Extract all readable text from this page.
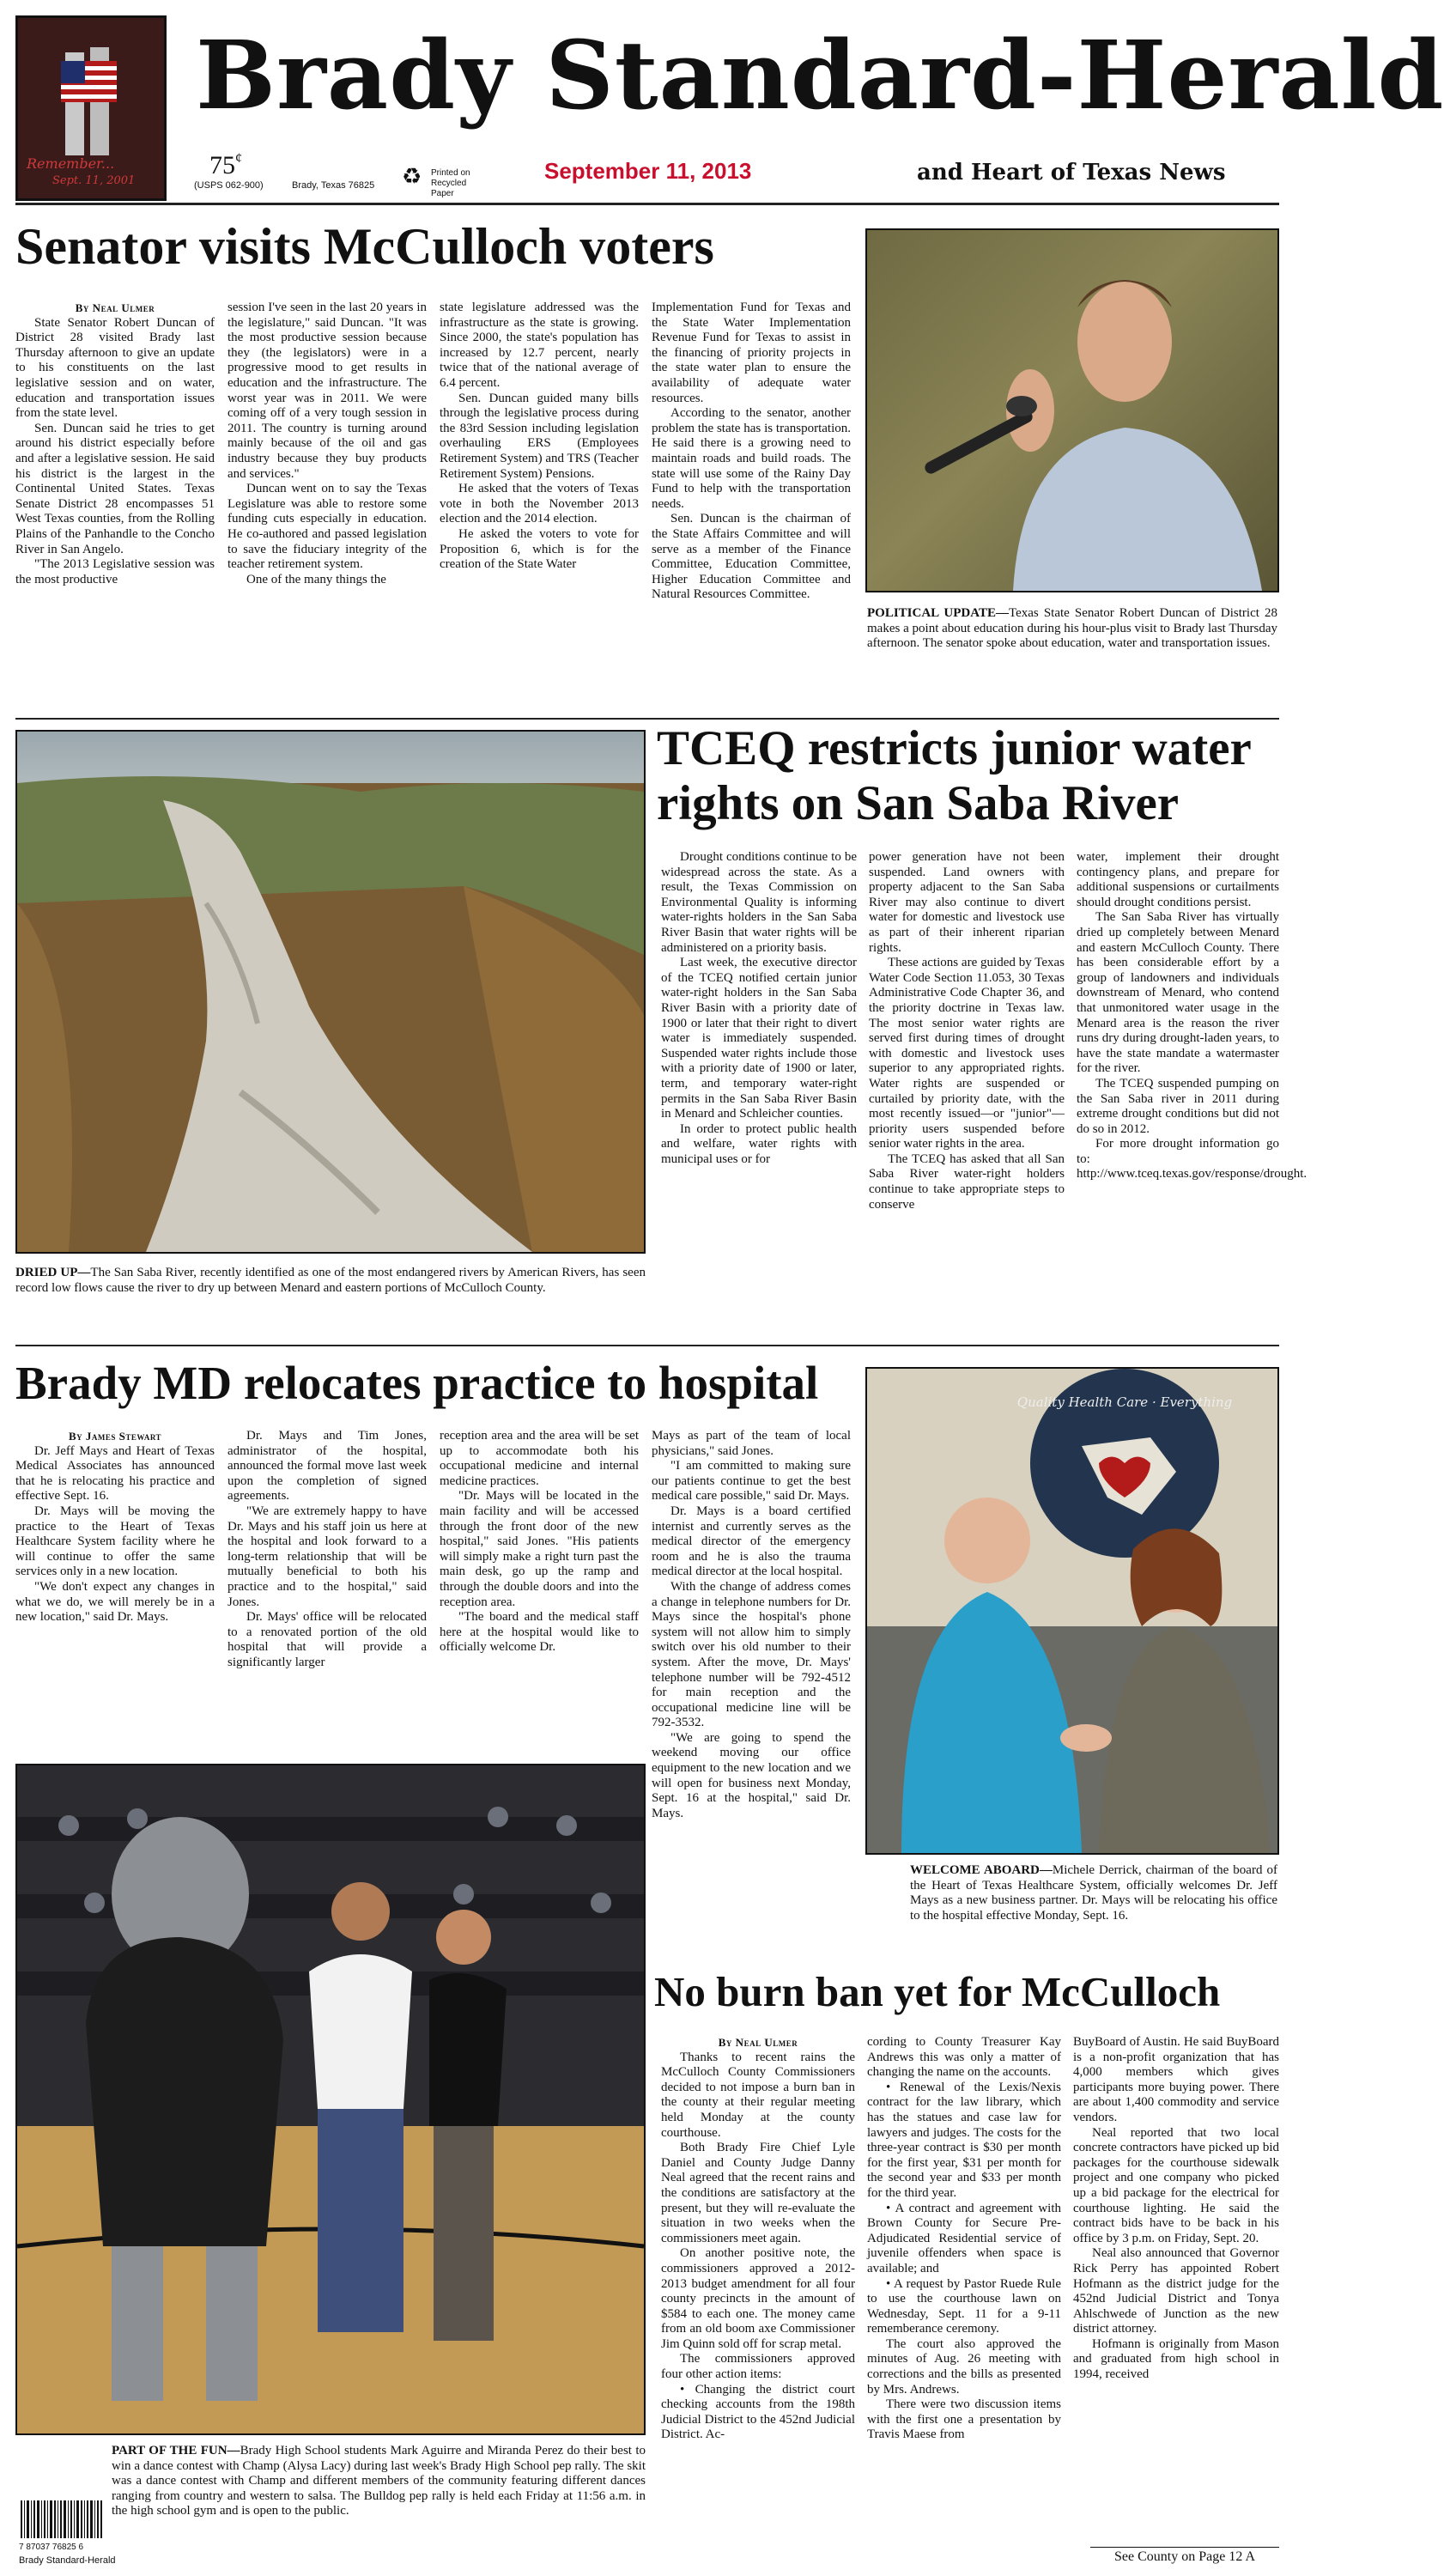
Remember...
Sept. 11, 2001
Brady Standard-Herald
75¢
(USPS 062-900)	Brady, Texas 76825 ♻	Printed on Recycled Paper
September 11, 2013	and Heart of Texas News
Senator visits McCulloch voters

By Neal Ulmer

State Senator Robert Duncan of District 28 visited Brady last Thursday afternoon to give an update to his constituents on the last legislative session and on water, education and transportation issues from the state level.

Sen. Duncan said he tries to get around his district especially before and after a legislative session. He said his district is the largest in the Continental United States. Texas Senate District 28 encompasses 51 West Texas counties, from the Rolling Plains of the Panhandle to the Concho River in San Angelo.

"The 2013 Legislative session was the most productive

session I've seen in the last 20 years in the legislature," said Duncan. "It was the most productive session because they (the legislators) were in a progressive mood to get results in education and the infrastructure. The worst year was in 2011. We were coming off of a very tough session in 2011. The country is turning around mainly because of the oil and gas industry because they buy products and services."

Duncan went on to say the Texas Legislature was able to restore some funding cuts especially in education. He co-authored and passed legislation to save the fiduciary integrity of the teacher retirement system.

One of the many things the

state legislature addressed was the infrastructure as the state is growing. Since 2000, the state's population has increased by 12.7 percent, nearly twice that of the national average of 6.4 percent.

Sen. Duncan guided many bills through the legislative process during the 83rd Session including legislation overhauling ERS (Employees Retirement System) and TRS (Teacher Retirement System) Pensions.

He asked that the voters of Texas vote in both the November 2013 election and the 2014 election.

He asked the voters to vote for Proposition 6, which is for the creation of the State Water

Implementation Fund for Texas and the State Water Implementation Revenue Fund for Texas to assist in the financing of priority projects in the state water plan to ensure the availability of adequate water resources.

According to the senator, another problem the state has is transportation. He said there is a growing need to maintain roads and build roads. The state will use some of the Rainy Day Fund to help with the transportation needs.

Sen. Duncan is the chairman of the State Affairs Committee and will serve as a member of the Finance Committee, Education Committee, Higher Education Committee and Natural Resources Committee.

POLITICAL UPDATE—Texas State Senator Robert Duncan of District 28 makes a point about education during his hour-plus visit to Brady last Thursday afternoon. The senator spoke about education, water and transportation issues.
DRIED UP—The San Saba River, recently identified as one of the most endangered rivers by American Rivers, has seen record low flows cause the river to dry up between Menard and eastern portions of McCulloch County.
TCEQ restricts junior water
rights on San Saba River

Drought conditions continue to be widespread across the state. As a result, the Texas Commission on Environmental Quality is informing water-rights holders in the San Saba River Basin that water rights will be administered on a priority basis.

Last week, the executive director of the TCEQ notified certain junior water-right holders in the San Saba River Basin with a priority date of 1900 or later that their right to divert water is immediately suspended. Suspended water rights include those with a priority date of 1900 or later, term, and temporary water-right permits in the San Saba River Basin in Menard and Schleicher counties.

In order to protect public health and welfare, water rights with municipal uses or for

power generation have not been suspended. Land owners with property adjacent to the San Saba River may also continue to divert water for domestic and livestock use as part of their inherent riparian rights.

These actions are guided by Texas Water Code Section 11.053, 30 Texas Administrative Code Chapter 36, and the priority doctrine in Texas law. The most senior water rights are served first during times of drought with domestic and livestock uses superior to any appropriated rights. Water rights are suspended or curtailed by priority date, with the most recently issued—or "junior"—priority users suspended before senior water rights in the area.

The TCEQ has asked that all San Saba River water-right holders continue to take appropriate steps to conserve

water, implement their drought contingency plans, and prepare for additional suspensions or curtailments should drought conditions persist.

The San Saba River has virtually dried up completely between Menard and eastern McCulloch County. There has been considerable effort by a group of landowners and individuals downstream of Menard, who contend that unmonitored water usage in the Menard area is the reason the river runs dry during drought-laden years, to have the state mandate a watermaster for the river.

The TCEQ suspended pumping on the San Saba river in 2011 during extreme drought conditions but did not do so in 2012.

For more drought information go to: http://www.tceq.texas.gov/response/drought.

Brady MD relocates practice to hospital

By James Stewart

Dr. Jeff Mays and Heart of Texas Medical Associates has announced that he is relocating his practice and effective Sept. 16.

Dr. Mays will be moving the practice to the Heart of Texas Healthcare System facility where he will continue to offer the same services only in a new location.

"We don't expect any changes in what we do, we will merely be in a new location," said Dr. Mays.

Dr. Mays and Tim Jones, administrator of the hospital, announced the formal move last week upon the completion of signed agreements.

"We are extremely happy to have Dr. Mays and his staff join us here at the hospital and look forward to a long-term relationship that will be mutually beneficial to both his practice and to the hospital," said Jones.

Dr. Mays' office will be relocated to a renovated portion of the old hospital that will provide a significantly larger

reception area and the area will be set up to accommodate both his occupational medicine and internal medicine practices.

"Dr. Mays will be located in the main facility and will be accessed through the front door of the new hospital," said Jones. "His patients will simply make a right turn past the main desk, go up the ramp and through the double doors and into the reception area.

"The board and the medical staff here at the hospital would like to officially welcome Dr.

Mays as part of the team of local physicians," said Jones.

"I am committed to making sure our patients continue to get the best medical care possible," said Dr. Mays.

Dr. Mays is a board certified internist and currently serves as the medical director of the emergency room and he is also the trauma medical director at the local hospital.

With the change of address comes a change in telephone numbers for Dr. Mays since the hospital's phone system will not allow him to simply switch over his old number to their system. After the move, Dr. Mays' telephone number will be 792-4512 for main reception and the occupational medicine line will be 792-3532.

"We are going to spend the weekend moving our office equipment to the new location and we will open for business next Monday, Sept. 16 at the hospital," said Dr. Mays.

Quality Health Care · Everything
WELCOME ABOARD—Michele Derrick, chairman of the board of the Heart of Texas Healthcare System, officially welcomes Dr. Jeff Mays as a new business partner. Dr. Mays will be relocating his office to the hospital effective Monday, Sept. 16.
PART OF THE FUN—Brady High School students Mark Aguirre and Miranda Perez do their best to win a dance contest with Champ (Alysa Lacy) during last week's Brady High School pep rally. The skit was a dance contest with Champ and different members of the community featuring different dances ranging from country and western to salsa. The Bulldog pep rally is held each Friday at 11:56 a.m. in the high school gym and is open to the public.
7 87037 76825 6
Brady Standard-Herald
No burn ban yet for McCulloch

By Neal Ulmer

Thanks to recent rains the McCulloch County Commissioners decided to not impose a burn ban in the county at their regular meeting held Monday at the county courthouse.

Both Brady Fire Chief Lyle Daniel and County Judge Danny Neal agreed that the recent rains and the conditions are satisfactory at the present, but they will re-evaluate the situation in two weeks when the commissioners meet again.

On another positive note, the commissioners approved a 2012-2013 budget amendment for all four county precincts in the amount of $584 to each one. The money came from an old boom axe Commissioner Jim Quinn sold off for scrap metal.

The commissioners approved four other action items:

• Changing the district court checking accounts from the 198th Judicial District to the 452nd Judicial District. Ac-

cording to County Treasurer Kay Andrews this was only a matter of changing the name on the accounts.

• Renewal of the Lexis/Nexis contract for the law library, which has the statues and case law for lawyers and judges. The costs for the three-year contract is $30 per month for the first year, $31 per month for the second year and $33 per month for the third year.

• A contract and agreement with Brown County for Secure Pre-Adjudicated Residential service of juvenile offenders when space is available; and

• A request by Pastor Ruede Rule to use the courthouse lawn on Wednesday, Sept. 11 for a 9-11 rememberance ceremony.

The court also approved the minutes of Aug. 26 meeting with corrections and the bills as presented by Mrs. Andrews.

There were two discussion items with the first one a presentation by Travis Maese from

BuyBoard of Austin. He said BuyBoard is a non-profit organization that has 4,000 members which gives participants more buying power. There are about 1,400 commodity and service vendors.

Neal reported that two local concrete contractors have picked up bid packages for the courthouse sidewalk project and one company who picked up a bid package for the electrical for courthouse lighting. He said the contract bids have to be back in his office by 3 p.m. on Friday, Sept. 20.

Neal also announced that Governor Rick Perry has appointed Robert Hofmann as the district judge for the 452nd Judicial District and Tonya Ahlschwede of Junction as the new district attorney.

Hofmann is originally from Mason and graduated from high school in 1994, received

See County on Page 12 A
